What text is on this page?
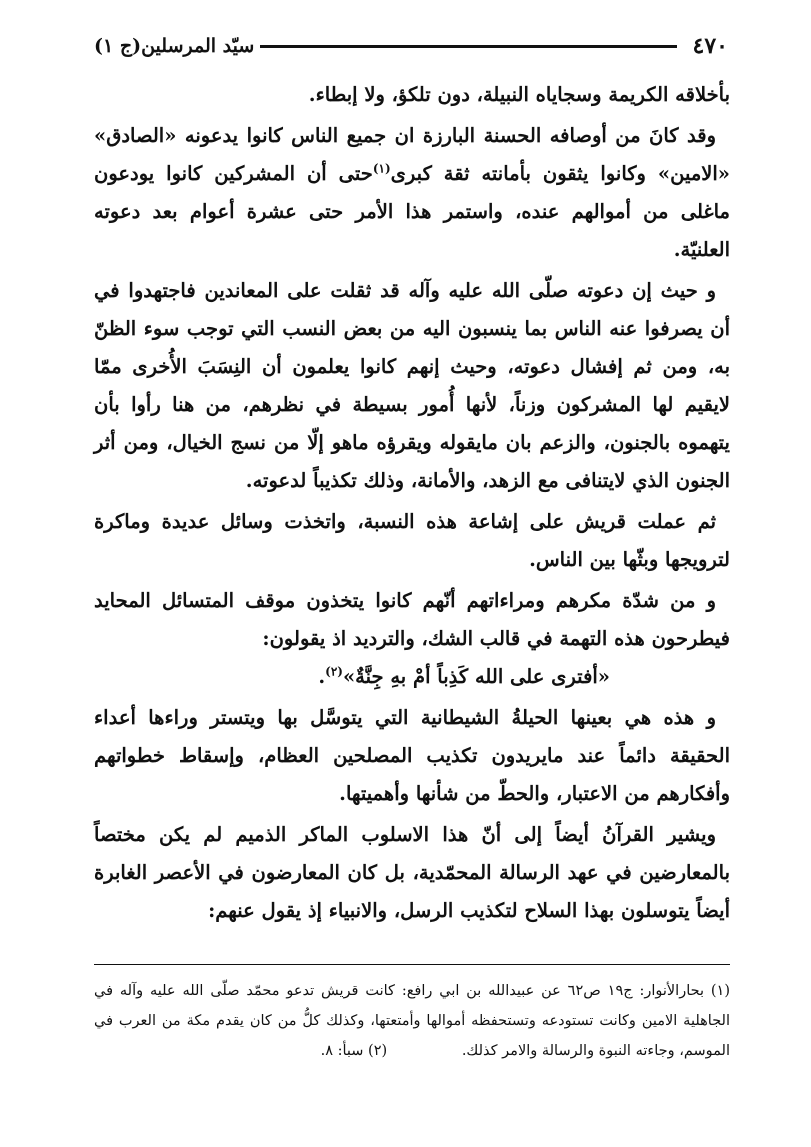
٤٧٠
سيّد المرسلين(ج ١)

بأخلاقه الكريمة وسجاياه النبيلة، دون تلكؤ، ولا إبطاء.

وقد كانَ من أوصافه الحسنة البارزة ان جميع الناس كانوا يدعونه «الصادق» «الامين» وكانوا يثقون بأمانته ثقة كبرى$^{(١)}$حتى أن المشركين كانوا يودعون ماغلى من أموالهم عنده، واستمر هذا الأمر حتى عشرة أعوام بعد دعوته العلنيّة.

و حيث إن دعوته صلّى الله عليه وآله قد ثقلت على المعاندين فاجتهدوا في أن يصرفوا عنه الناس بما ينسبون اليه من بعض النسب التي توجب سوء الظنّ به، ومن ثم إفشال دعوته، وحيث إنهم كانوا يعلمون أن النِسَبَ الأُخرى ممّا لايقيم لها المشركون وزناً، لأنها أُمور بسيطة في نظرهم، من هنا رأوا بأن يتهموه بالجنون، والزعم بان مايقوله ويقرؤه ماهو إلّا من نسج الخيال، ومن أثر الجنون الذي لايتنافى مع الزهد، والأمانة، وذلك تكذيباً لدعوته.

ثم عملت قريش على إشاعة هذه النسبة، واتخذت وسائل عديدة وماكرة لترويجها وبثّها بين الناس.

و من شدّة مكرهم ومراءاتهم أنّهم كانوا يتخذون موقف المتسائل المحايد فيطرحون هذه التهمة في قالب الشك، والترديد اذ يقولون:

«أفترى على الله كَذِباً أمْ بهِ جِنَّةٌ»$^{(٢)}$.

و هذه هي بعينها الحيلةُ الشيطانية التي يتوسَّل بها ويتستر وراءها أعداء الحقيقة دائماً عند مايريدون تكذيب المصلحين العظام، وإسقاط خطواتهم وأفكارهم من الاعتبار، والحطّ من شأنها وأهميتها.

ويشير القرآنُ أيضاً إلى أنّ هذا الاسلوب الماكر الذميم لم يكن مختصاً بالمعارضين في عهد الرسالة المحمّدية، بل كان المعارضون في الأعصر الغابرة أيضاً يتوسلون بهذا السلاح لتكذيب الرسل، والانبياء إذ يقول عنهم:

(١) بحارالأنوار: ج١٩ ص٦٢ عن عبيدالله بن ابي رافع: كانت قريش تدعو محمّد صلّى الله عليه وآله في الجاهلية الامين وكانت تستودعه وتستحفظه أموالها وأمتعتها، وكذلك كلُّ من كان يقدم مكة من العرب في الموسم، وجاءته النبوة والرسالة والامر كذلك. (٢) سبأ: ٨.
